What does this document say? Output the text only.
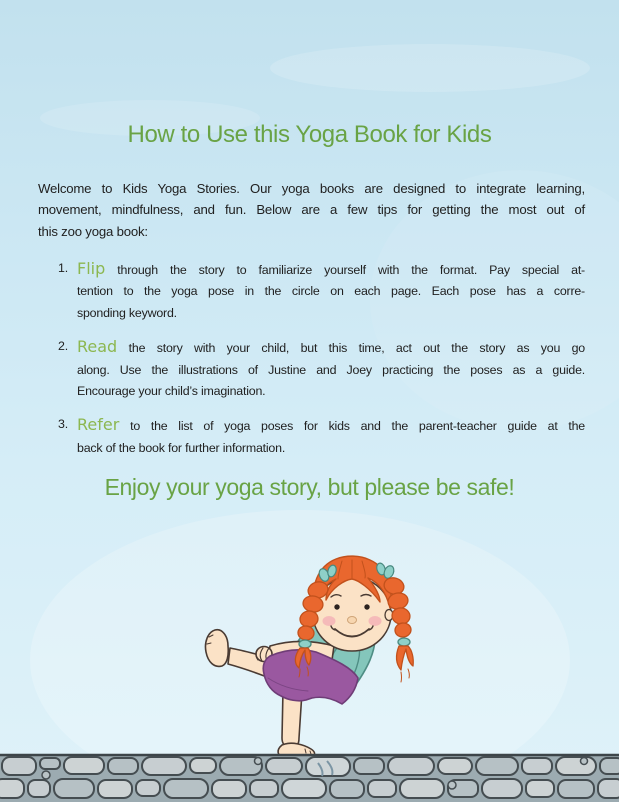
How to Use this Yoga Book for Kids

Welcome to Kids Yoga Stories. Our yoga books are designed to integrate learning,
movement, mindfulness, and fun. Below are a few tips for getting the most out of
this zoo yoga book:

1. Flip through the story to familiarize yourself with the format. Pay special at-
tention to the yoga pose in the circle on each page. Each pose has a corre-
sponding keyword.
2. Read the story with your child, but this time, act out the story as you go
along. Use the illustrations of Justine and Joey practicing the poses as a guide.
Encourage your child’s imagination.
3. Refer to the list of yoga poses for kids and the parent-teacher guide at the
back of the book for further information.
Enjoy your yoga story, but please be safe!
